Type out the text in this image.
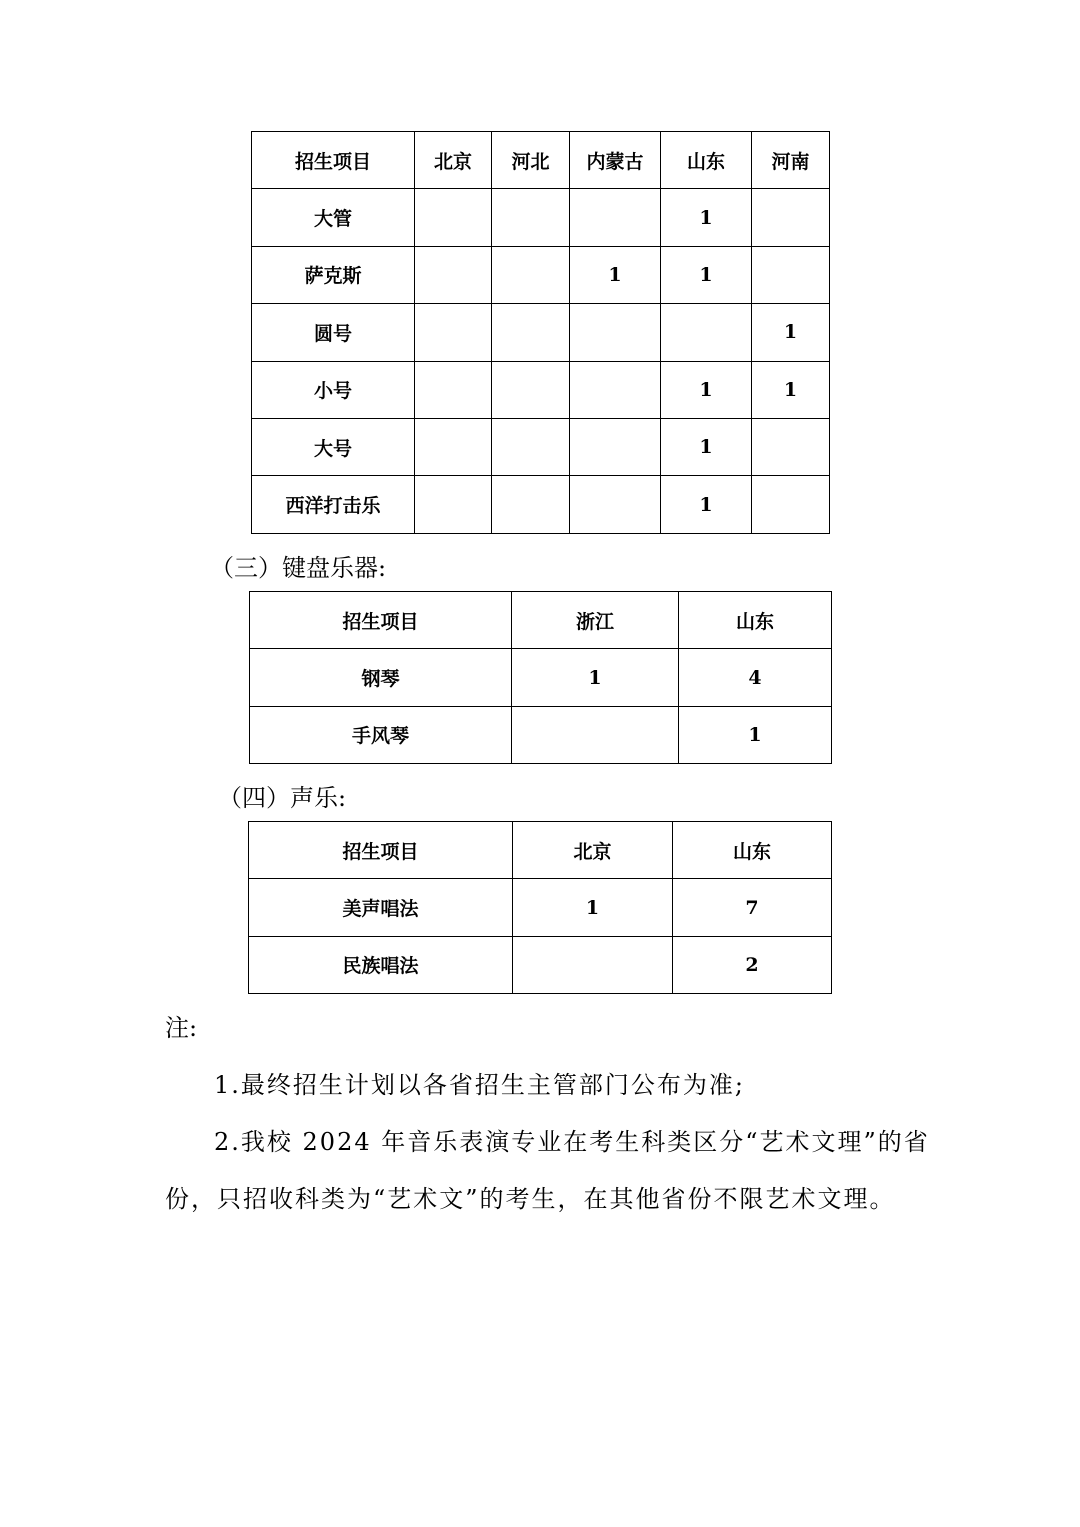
招生项目	北京	河北	内蒙古	山东	河南
大管				1	
萨克斯			1	1	
圆号					1
小号				1	1
大号				1	
西洋打击乐				1	
（三）键盘乐器:
招生项目	浙江	山东
钢琴	1	4
手风琴		1
（四）声乐:
招生项目	北京	山东
美声唱法	1	7
民族唱法		2
注:
1.最终招生计划以各省招生主管部门公布为准;
2.我校 2024 年音乐表演专业在考生科类区分“艺术文理”的省
份，只招收科类为“艺术文”的考生，在其他省份不限艺术文理。
